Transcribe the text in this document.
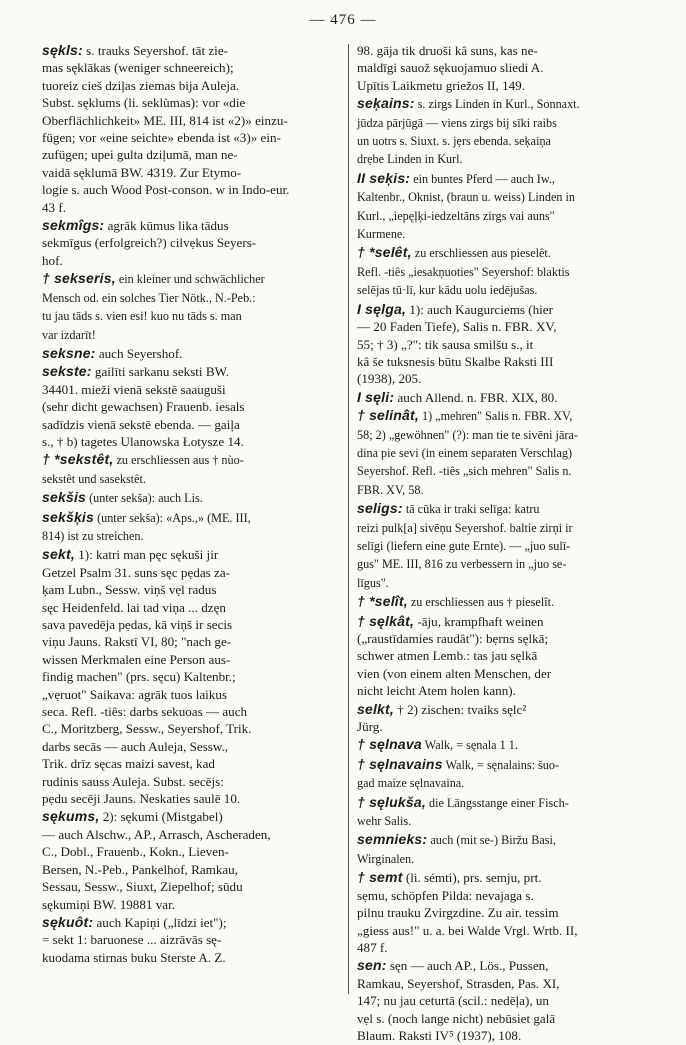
— 476 —

sękls: s. trauks Seyershof. tāt zie-
mas sęklākas (weniger schneereich);
tuoreiz cieš dziļas ziemas bija Auleja.
Subst. sęklums (li. seklùmas): vor «die
Oberflächlichkeit» ME. III, 814 ist «2)» einzu-
fügen; vor «eine seichte» ebenda ist «3)» ein-
zufügen; upei gulta dziļumā, man ne-
vaidā sęklumā BW. 4319. Zur Etymo-
logie s. auch Wood Post-conson. w in Indo-eur.
43 f.

sekmîgs: agrāk kūmus lika tādus
sekmīgus (erfolgreich?) cilvẹkus Seyers-
hof.

† sekseris, ein kleiner und schwächlicher
Mensch od. ein solches Tier Nötk., N.-Peb.:
tu jau tāds s. vien esi! kuo nu tāds s. man
var izdarīt!

seksne: auch Seyershof.

sekste: gailīti sarkanu seksti BW.
34401. mieži vienā sekstē saauguši
(sehr dicht gewachsen) Frauenb. iesals
sadīdzis vienā sekstē ebenda. — gaiļa
s., † b) tagetes Ulanowska Łotysze 14.

† *sekstêt, zu erschliessen aus † nùo-
sekstêt und sasekstêt.

sekšis (unter sekša): auch Lis.

sekšķis (unter sekša): «Aps.,» (ME. III,
814) ist zu streichen.

sekt, 1): katri man pęc sękuši jir
Getzel Psalm 31. suns sęc pẹdas za-
ķam Lubn., Sessw. viņš vẹl radus
sęc Heidenfeld. lai tad viņa ... dzęn
sava pavedēja pẹdas, kā viņš ir secis
viņu Jauns. Rakstī VI, 80; "nach ge-
wissen Merkmalen eine Person aus-
findig machen" (prs. sęcu) Kaltenbr.;
„vẹruot" Saikava: agrāk tuos laikus
seca. Refl. -tiês: darbs sekuoas — auch
C., Moritzberg, Sessw., Seyershof, Trik.
darbs secās — auch Auleja, Sessw.,
Trik. drīz sęcas maizi savest, kad
rudinis sauss Auleja. Subst. secējs:
pẹdu secēji Jauns. Neskaties saulē 10.

sękums, 2): sękumi (Mistgabel)
— auch Alschw., AP., Arrasch, Ascheraden,
C., Dobl., Frauenb., Kokn., Lieven-
Bersen, N.-Peb., Pankelhof, Ramkau,
Sessau, Sessw., Siuxt, Ziepelhof; sūdu
sękumiņi BW. 19881 var.

sękuôt: auch Kapiņi („līdzi iet");
= sekt 1: baruonese ... aizrāvās sę-
kuodama stirnas buku Sterste A. Z.

98. gāja tik druoši kâ suns, kas ne-
maldīgi sauož sękuojamuo sliedi A.
Upītis Laikmetu griežos II, 149.

seķains: s. zirgs Linden in Kurl., Sonnaxt.
jūdza pārjūgā — viens zirgs bij sīki raibs
un uotrs s. Siuxt. s. jẹrs ebenda. seķaiņa
drẹbe Linden in Kurl.

II seķis: ein buntes Pferd — auch Iw.,
Kaltenbr., Oknist, (braun u. weiss) Linden in
Kurl., „iepęļķi-iedzeltāns zirgs vai auns"
Kurmene.

† *selêt, zu erschliessen aus pieselêt.
Refl. -tiês „iesakņuoties" Seyershof: blaktis
selējas tū·lī, kur kādu uolu iedējušas.

I sęlga, 1): auch Kaugurciems (hier
— 20 Faden Tiefe), Salis n. FBR. XV,
55; † 3) „?": tik sausa smilšu s., it
kâ še tuksnesis būtu Skalbe Raksti III
(1938), 205.

I sęli: auch Allend. n. FBR. XIX, 80.

† selinât, 1) „mehren" Salis n. FBR. XV,
58; 2) „gewöhnen" (?): man tie te sivēni jāra-
dina pie sevi (in einem separaten Verschlag)
Seyershof. Refl. -tiês „sich mehren" Salis n.
FBR. XV, 58.

seligs: tā cūka ir traki selīga: katru
reizi pulk[a] sivēņu Seyershof. baltie zirņi ir
selīgi (liefern eine gute Ernte). — „juo sulī-
gus" ME. III, 816 zu verbessern in „juo se-
līgus".

† *selît, zu erschliessen aus † pieselît.

† sęlkât, -āju, krampfhaft weinen
(„raustīdamies raudât"): bẹrns sęlkā;
schwer atmen Lemb.: tas jau sęlkā
vien (von einem alten Menschen, der
nicht leicht Atem holen kann).

selkt, † 2) zischen: tvaiks sęlc²
Jürg.

† sęlnava Walk, = sęnala 1 1.

† sęlnavains Walk, = sęnalains: šuo-
gad maize sęlnavaina.

† sęlukša, die Längsstange einer Fisch-
wehr Salis.

semnieks: auch (mit se-) Biržu Basi,
Wirginalen.

† semt (li. sémti), prs. semju, prt.
sẹmu, schöpfen Pilda: nevajaga s.
pilnu trauku Zvirgzdine. Zu air. tessim
„giess aus!" u. a. bei Walde Vrgl. Wrtb. II,
487 f.

sen: sęn — auch AP., Lös., Pussen,
Ramkau, Seyershof, Strasden, Pas. XI,
147; nu jau ceturtā (scil.: nedēļa), un
vẹl s. (noch lange nicht) nebūsiet galā
Blaum. Raksti IV⁵ (1937), 108.
